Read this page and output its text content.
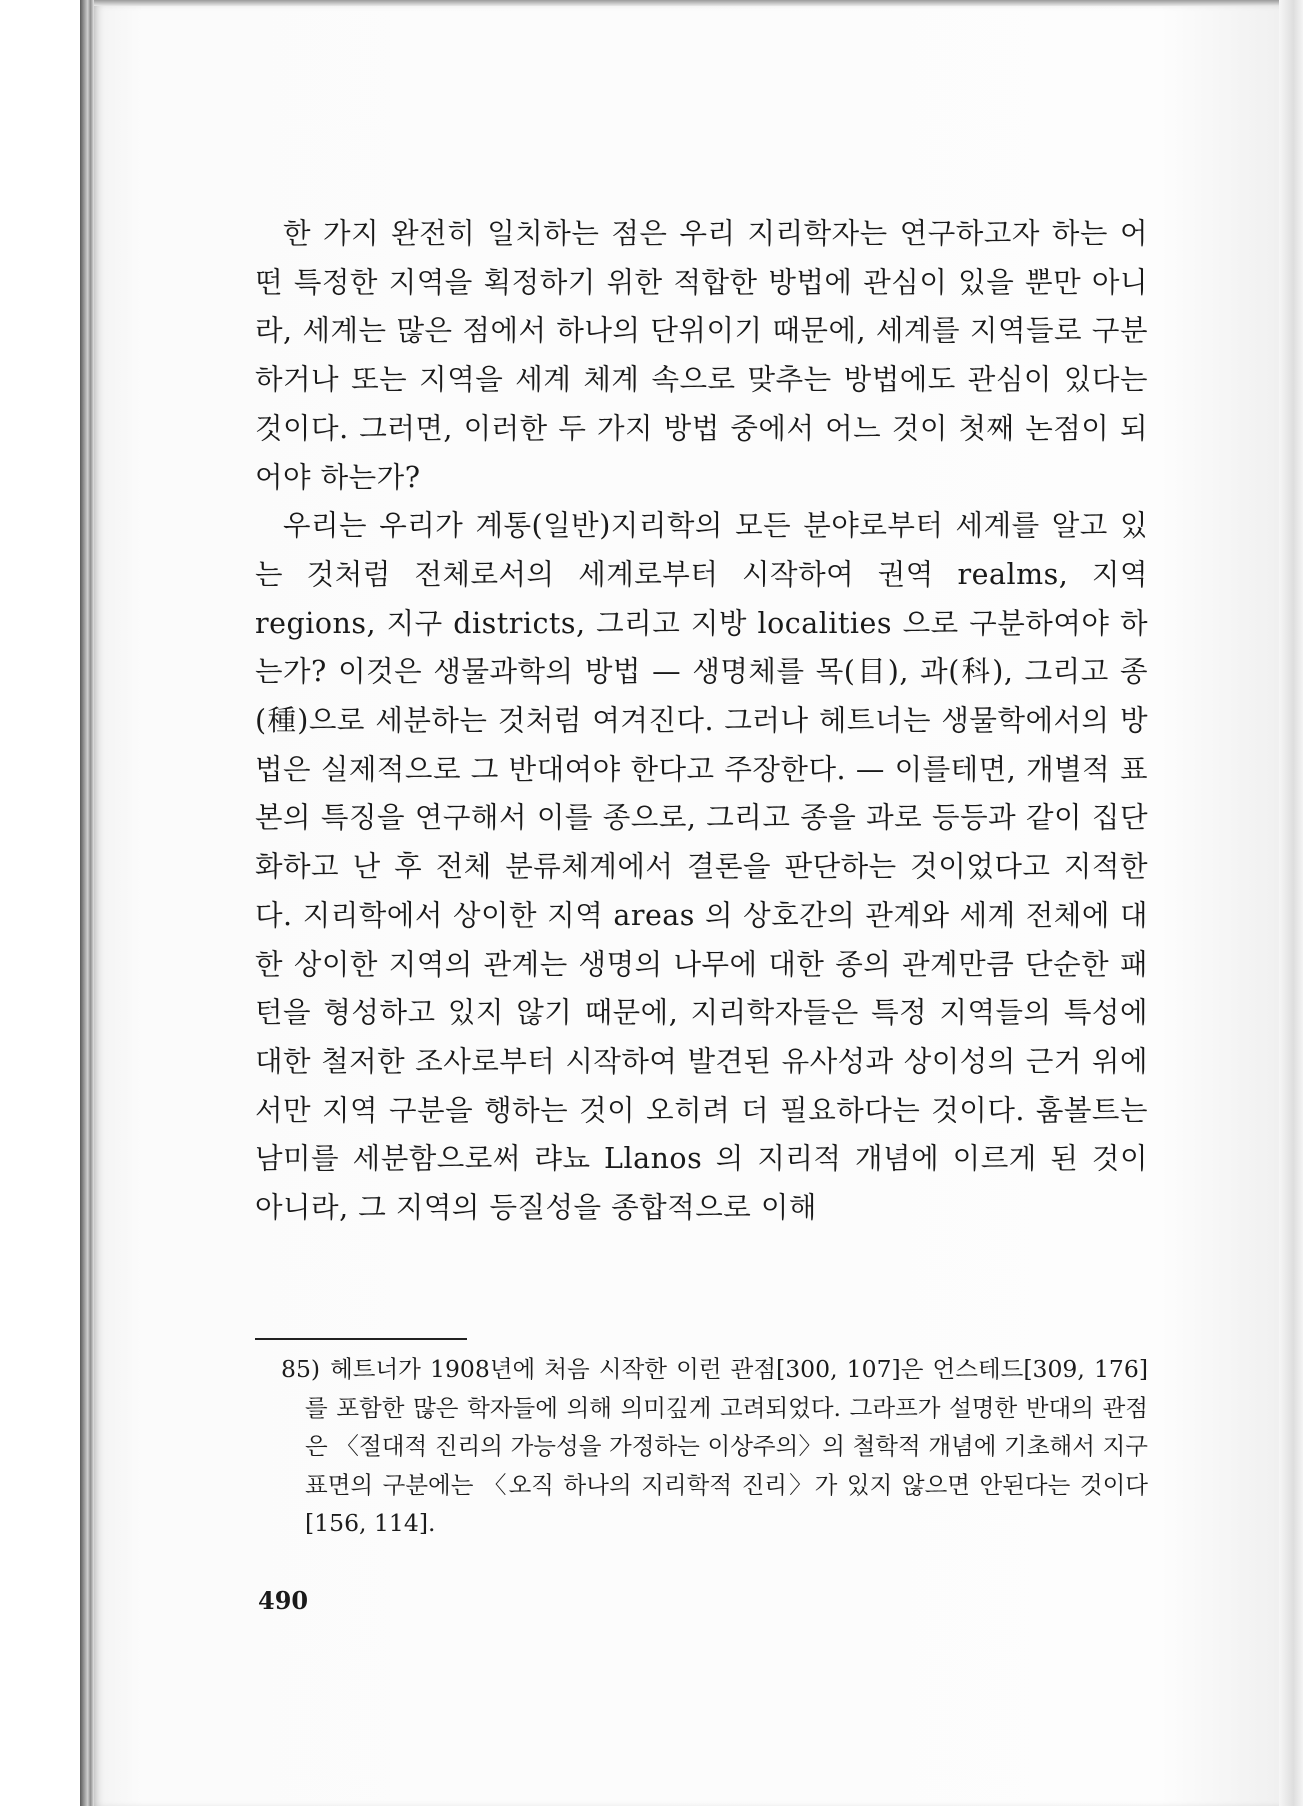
한 가지 완전히 일치하는 점은 우리 지리학자는 연구하고자 하는 어떤 특정한 지역을 획정하기 위한 적합한 방법에 관심이 있을 뿐만 아니라, 세계는 많은 점에서 하나의 단위이기 때문에, 세계를 지역들로 구분하거나 또는 지역을 세계 체계 속으로 맞추는 방법에도 관심이 있다는 것이다. 그러면, 이러한 두 가지 방법 중에서 어느 것이 첫째 논점이 되어야 하는가?

우리는 우리가 계통(일반)지리학의 모든 분야로부터 세계를 알고 있는 것처럼 전체로서의 세계로부터 시작하여 권역 realms, 지역 regions, 지구 districts, 그리고 지방 localities 으로 구분하여야 하는가? 이것은 생물과학의 방법 — 생명체를 목(目), 과(科), 그리고 종(種)으로 세분하는 것처럼 여겨진다. 그러나 헤트너는 생물학에서의 방법은 실제적으로 그 반대여야 한다고 주장한다. — 이를테면, 개별적 표본의 특징을 연구해서 이를 종으로, 그리고 종을 과로 등등과 같이 집단화하고 난 후 전체 분류체계에서 결론을 판단하는 것이었다고 지적한다. 지리학에서 상이한 지역 areas 의 상호간의 관계와 세계 전체에 대한 상이한 지역의 관계는 생명의 나무에 대한 종의 관계만큼 단순한 패턴을 형성하고 있지 않기 때문에, 지리학자들은 특정 지역들의 특성에 대한 철저한 조사로부터 시작하여 발견된 유사성과 상이성의 근거 위에서만 지역 구분을 행하는 것이 오히려 더 필요하다는 것이다. 훔볼트는 남미를 세분함으로써 랴뇨 Llanos 의 지리적 개념에 이르게 된 것이 아니라, 그 지역의 등질성을 종합적으로 이해

85) 헤트너가 1908년에 처음 시작한 이런 관점[300, 107]은 언스테드[309, 176]를 포함한 많은 학자들에 의해 의미깊게 고려되었다. 그라프가 설명한 반대의 관점은 〈절대적 진리의 가능성을 가정하는 이상주의〉의 철학적 개념에 기초해서 지구표면의 구분에는 〈오직 하나의 지리학적 진리〉가 있지 않으면 안된다는 것이다[156, 114].

490
